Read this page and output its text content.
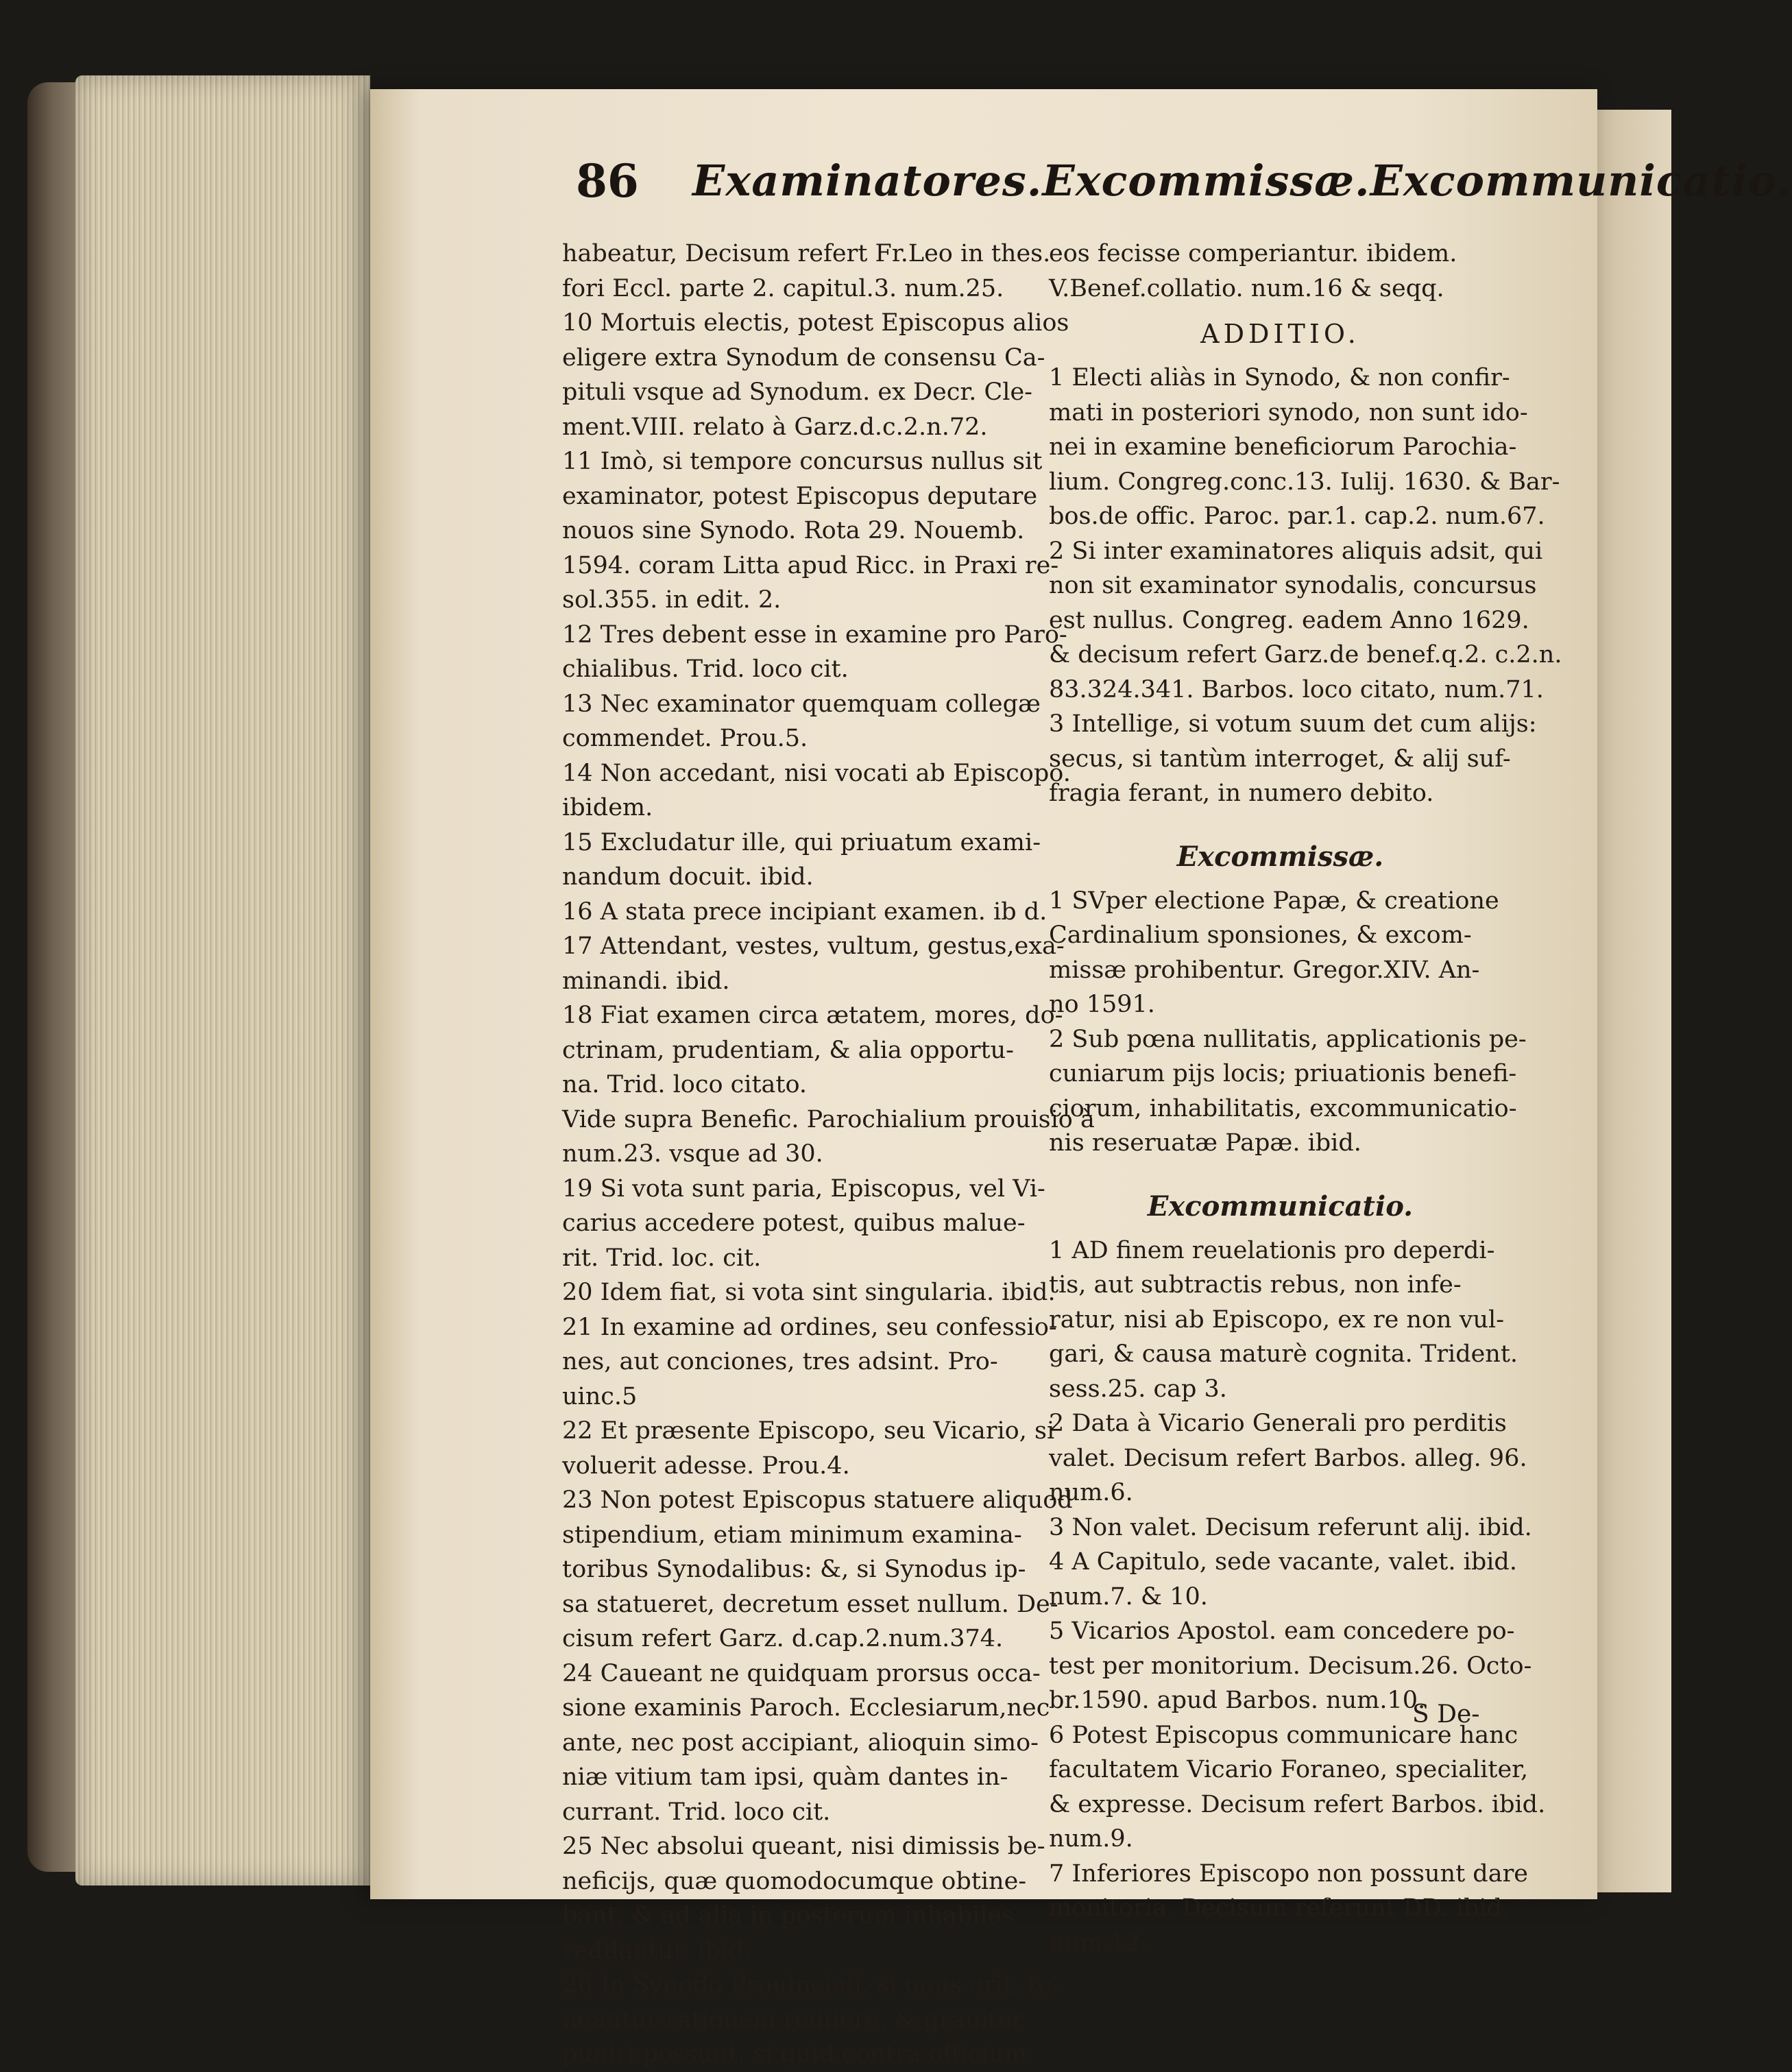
86 Examinatores.Excommissæ.Excommunicatio.
habeatur, Decisum refert Fr.Leo in thes.
fori Eccl. parte 2. capitul.3. num.25.
10 Mortuis electis, potest Episcopus alios
eligere extra Synodum de consensu Ca-
pituli vsque ad Synodum. ex Decr. Cle-
ment.VIII. relato à Garz.d.c.2.n.72.
11 Imò, si tempore concursus nullus sit
examinator, potest Episcopus deputare
nouos sine Synodo. Rota 29. Nouemb.
1594. coram Litta apud Ricc. in Praxi re-
sol.355. in edit. 2.
12 Tres debent esse in examine pro Paro-
chialibus. Trid. loco cit.
13 Nec examinator quemquam collegæ
commendet. Prou.5.
14 Non accedant, nisi vocati ab Episcopo.
ibidem.
15 Excludatur ille, qui priuatum exami-
nandum docuit. ibid.
16 A stata prece incipiant examen. ib d.
17 Attendant, vestes, vultum, gestus,exa-
minandi. ibid.
18 Fiat examen circa ætatem, mores, do-
ctrinam, prudentiam, & alia opportu-
na. Trid. loco citato.
Vide supra Benefic. Parochialium prouisio à
num.23. vsque ad 30.
19 Si vota sunt paria, Episcopus, vel Vi-
carius accedere potest, quibus malue-
rit. Trid. loc. cit.
20 Idem fiat, si vota sint singularia. ibid.
21 In examine ad ordines, seu confessio-
nes, aut conciones, tres adsint. Pro-
uinc.5
22 Et præsente Episcopo, seu Vicario, si
voluerit adesse. Prou.4.
23 Non potest Episcopus statuere aliquod
stipendium, etiam minimum examina-
toribus Synodalibus: &, si Synodus ip-
sa statueret, decretum esset nullum. De-
cisum refert Garz. d.cap.2.num.374.
24 Caueant ne quidquam prorsus occa-
sione examinis Paroch. Ecclesiarum,nec
ante, nec post accipiant, alioquin simo-
niæ vitium tam ipsi, quàm dantes in-
currant. Trid. loco cit.
25 Nec absolui queant, nisi dimissis be-
neficijs, quæ quomodocumque obtine-
bant, & ad alia in posterum inhabiles
reddantur. ibid.
26 In Synodo Prouinciali, si opus erit, te-
neantur rationem reddere, & grauiter
puniri possunt, si quid contra officium
eos fecisse comperiantur. ibidem.
V.Benef.collatio. num.16 & seqq.
ADDITIO.
1 Electi aliàs in Synodo, & non confir-
mati in posteriori synodo, non sunt ido-
nei in examine beneficiorum Parochia-
lium. Congreg.conc.13. Iulij. 1630. & Bar-
bos.de offic. Paroc. par.1. cap.2. num.67.
2 Si inter examinatores aliquis adsit, qui
non sit examinator synodalis, concursus
est nullus. Congreg. eadem Anno 1629.
& decisum refert Garz.de benef.q.2. c.2.n.
83.324.341. Barbos. loco citato, num.71.
3 Intellige, si votum suum det cum alijs:
secus, si tantùm interroget, & alij suf-
fragia ferant, in numero debito.
Excommissæ.
1 SVper electione Papæ, & creatione
Cardinalium sponsiones, & excom-
missæ prohibentur. Gregor.XIV. An-
no 1591.
2 Sub pœna nullitatis, applicationis pe-
cuniarum pijs locis; priuationis benefi-
ciorum, inhabilitatis, excommunicatio-
nis reseruatæ Papæ. ibid.
Excommunicatio.
1 AD finem reuelationis pro deperdi-
tis, aut subtractis rebus, non infe-
ratur, nisi ab Episcopo, ex re non vul-
gari, & causa maturè cognita. Trident.
sess.25. cap 3.
2 Data à Vicario Generali pro perditis
valet. Decisum refert Barbos. alleg. 96.
num.6.
3 Non valet. Decisum referunt alij. ibid.
4 A Capitulo, sede vacante, valet. ibid.
num.7. & 10.
5 Vicarios Apostol. eam concedere po-
test per monitorium. Decisum.26. Octo-
br.1590. apud Barbos. num.10.
6 Potest Episcopus communicare hanc
facultatem Vicario Foraneo, specialiter,
& expresse. Decisum refert Barbos. ibid.
num.9.
7 Inferiores Episcopo non possunt dare
monitoria. Decisum referunt DD. ibid.
num.12.
S De-
